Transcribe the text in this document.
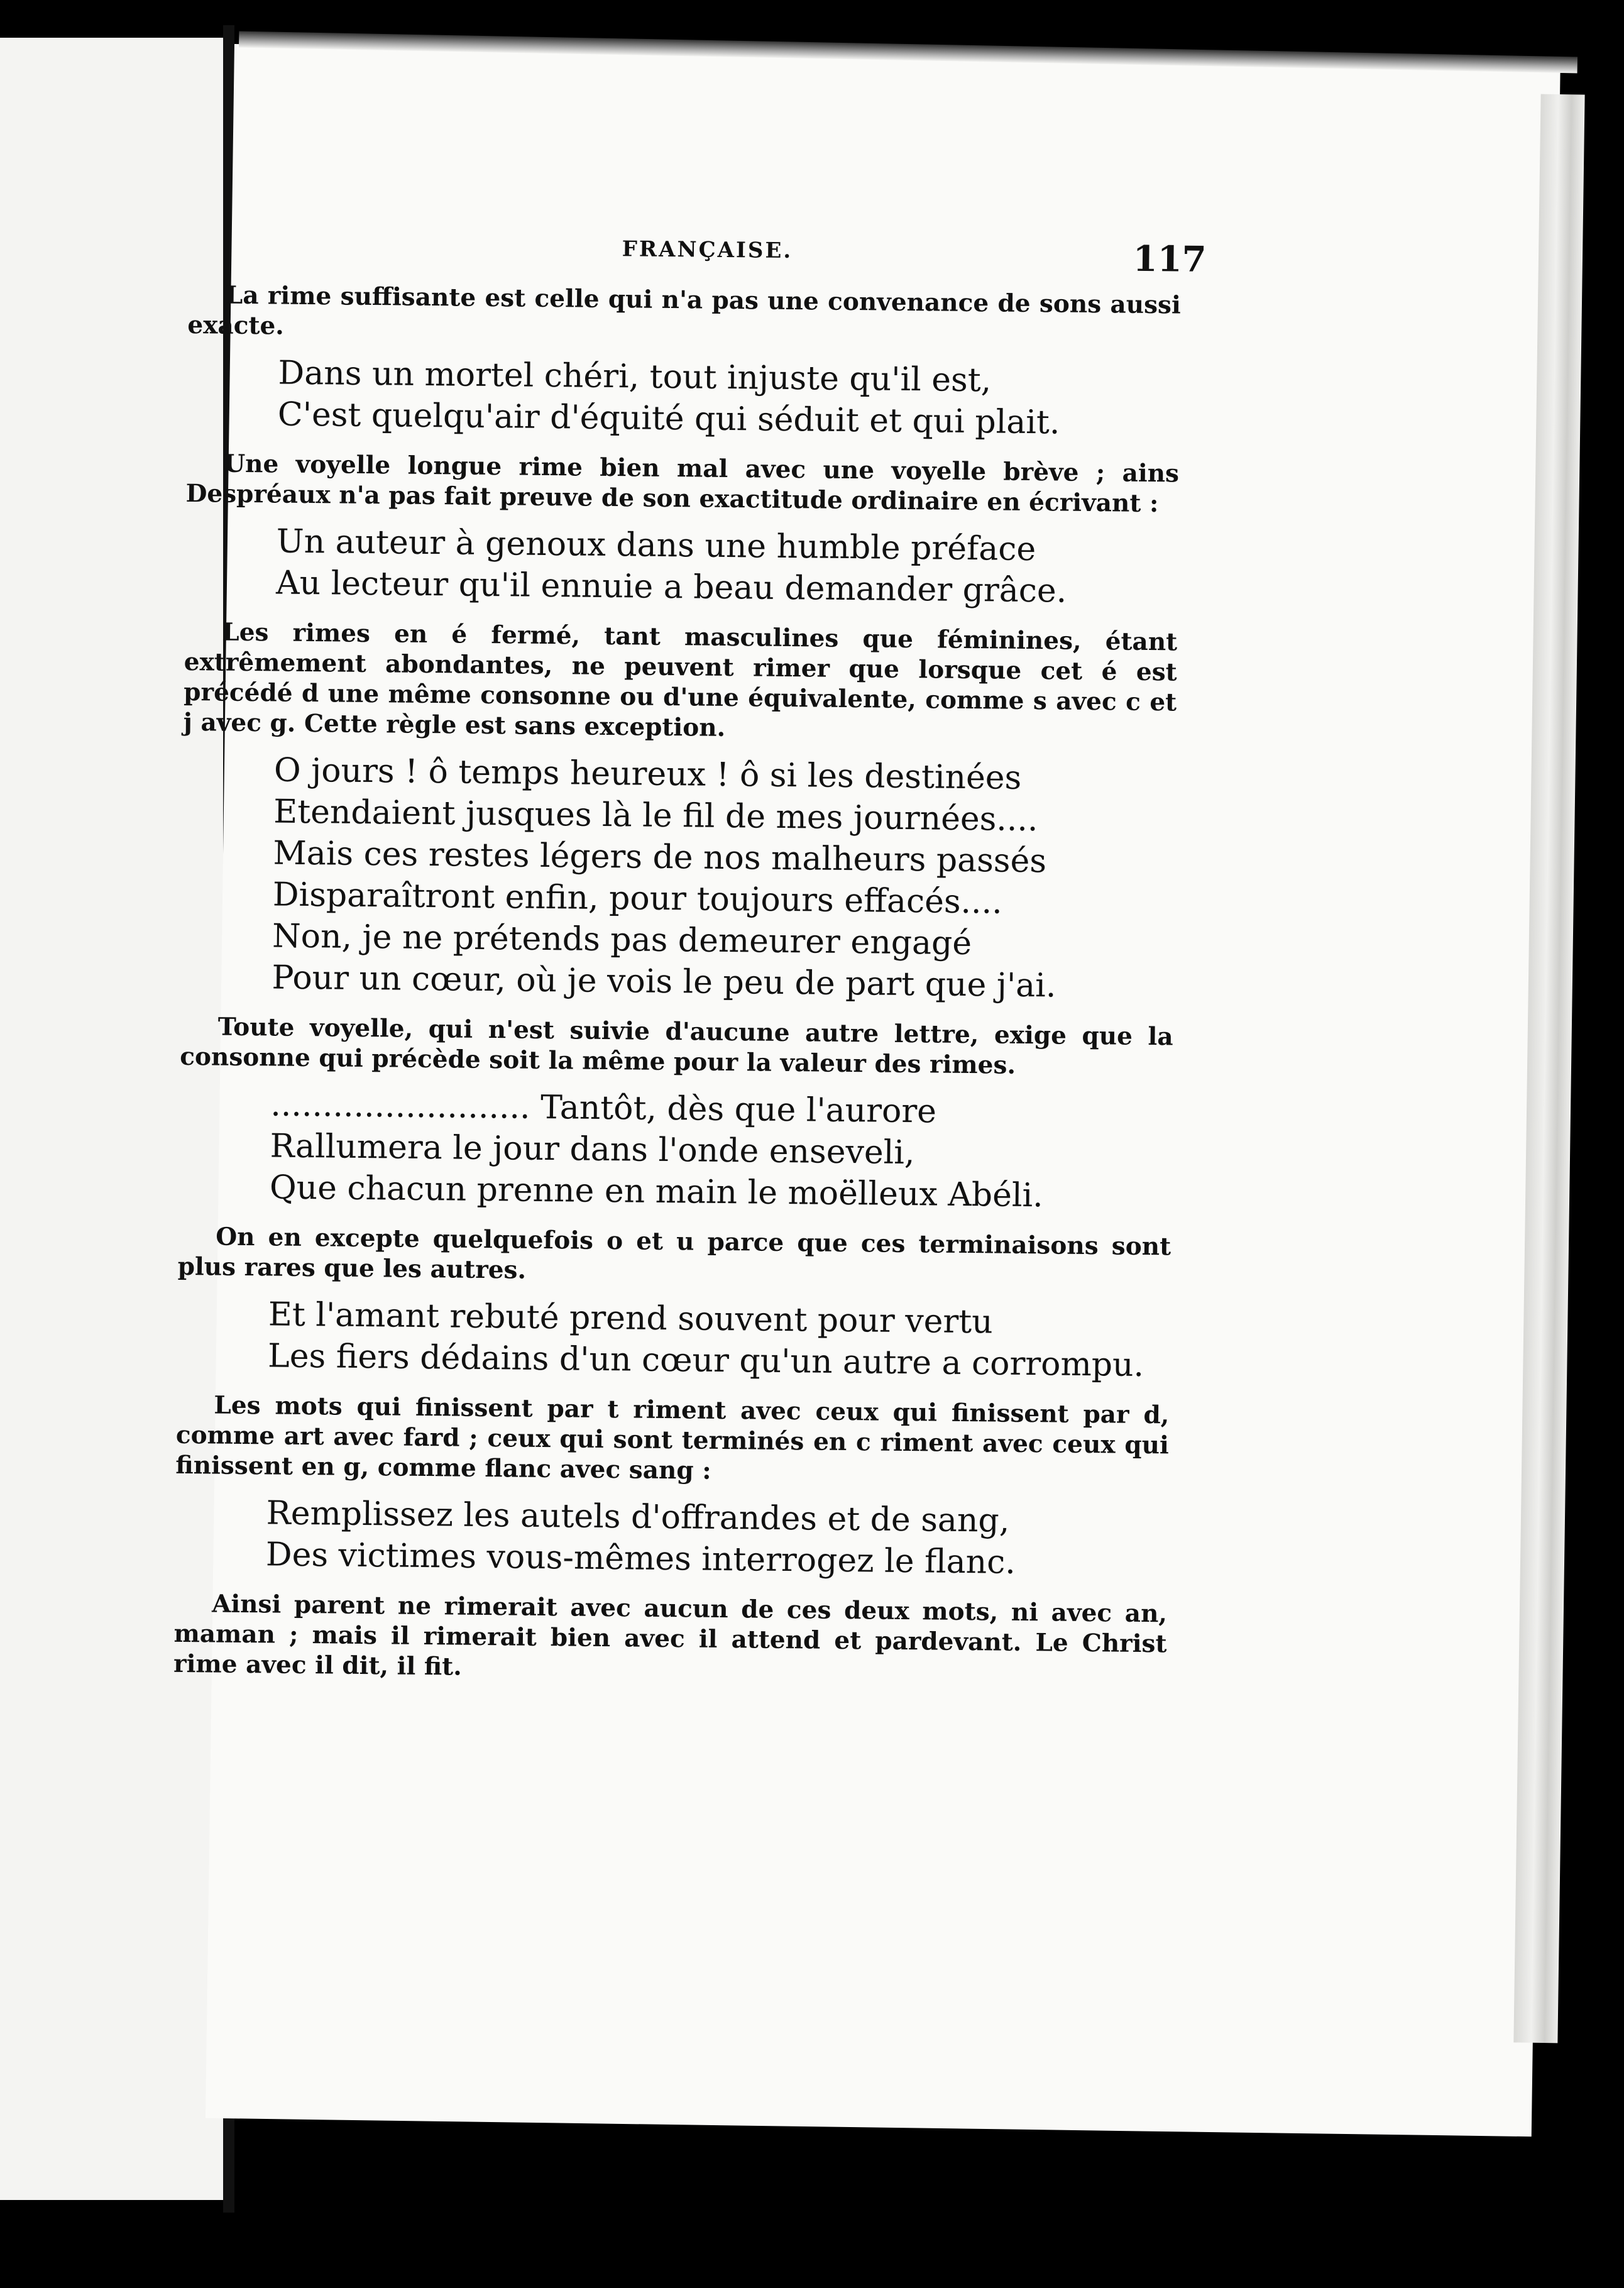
FRANÇAISE.	117

La rime suffisante est celle qui n'a pas une convenance de sons aussi exacte.

Dans un mortel chéri, tout injuste qu'il est,
C'est quelqu'air d'équité qui séduit et qui plait.

Une voyelle longue rime bien mal avec une voyelle brève ; ains Despréaux n'a pas fait preuve de son exactitude ordinaire en écrivant :

Un auteur à genoux dans une humble préface
Au lecteur qu'il ennuie a beau demander grâce.

Les rimes en é fermé, tant masculines que féminines, étant extrêmement abondantes, ne peuvent rimer que lorsque cet é est précédé d une même consonne ou d'une équivalente, comme s avec c et j avec g. Cette règle est sans exception.

O jours ! ô temps heureux ! ô si les destinées
Etendaient jusques là le fil de mes journées....
Mais ces restes légers de nos malheurs passés
Disparaîtront enfin, pour toujours effacés....
Non, je ne prétends pas demeurer engagé
Pour un cœur, où je vois le peu de part que j'ai.

Toute voyelle, qui n'est suivie d'aucune autre lettre, exige que la consonne qui précède soit la même pour la valeur des rimes.

......................... Tantôt, dès que l'aurore
Rallumera le jour dans l'onde enseveli,
Que chacun prenne en main le moëlleux Abéli.

On en excepte quelquefois o et u parce que ces terminaisons sont plus rares que les autres.

Et l'amant rebuté prend souvent pour vertu
Les fiers dédains d'un cœur qu'un autre a corrompu.

Les mots qui finissent par t riment avec ceux qui finissent par d, comme art avec fard ; ceux qui sont terminés en c riment avec ceux qui finissent en g, comme flanc avec sang :

Remplissez les autels d'offrandes et de sang,
Des victimes vous-mêmes interrogez le flanc.

Ainsi parent ne rimerait avec aucun de ces deux mots, ni avec an, maman ; mais il rimerait bien avec il attend et pardevant. Le Christ rime avec il dit, il fit.
